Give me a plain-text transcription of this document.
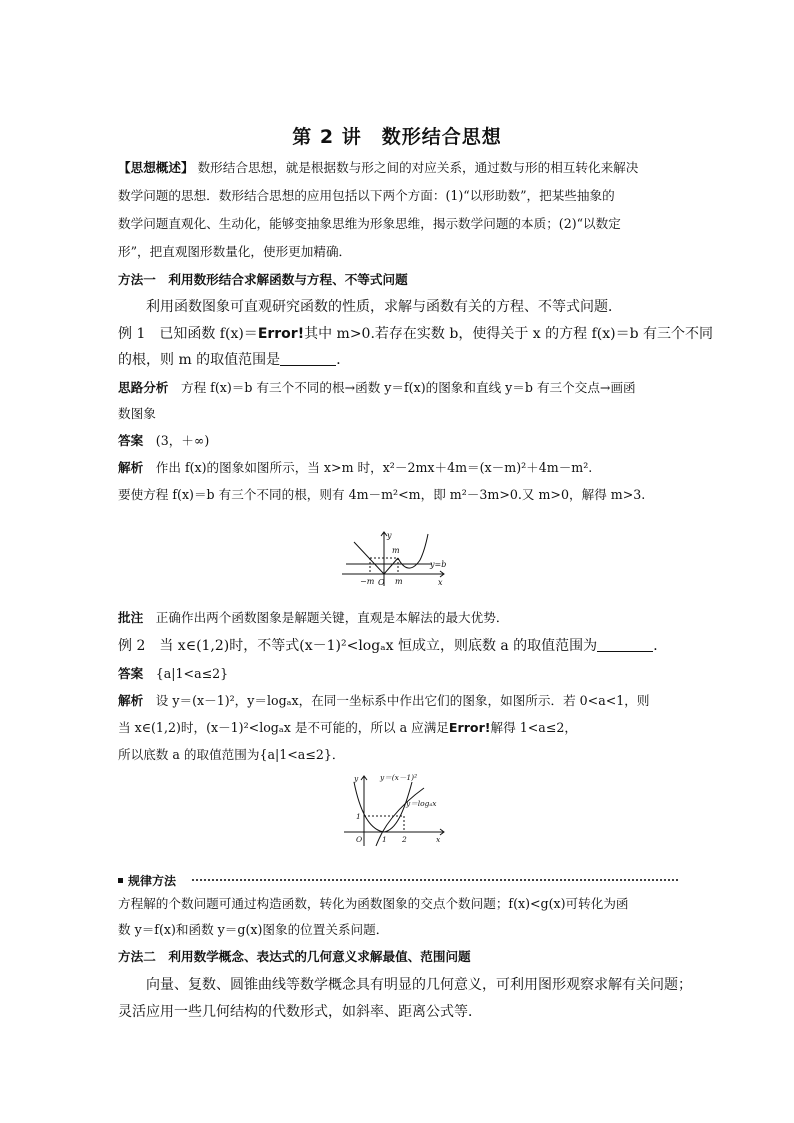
第 2 讲　数形结合思想
【思想概述】 数形结合思想，就是根据数与形之间的对应关系，通过数与形的相互转化来解决
数学问题的思想．数形结合思想的应用包括以下两个方面：(1)“以形助数”，把某些抽象的
数学问题直观化、生动化，能够变抽象思维为形象思维，揭示数学问题的本质；(2)“以数定
形”，把直观图形数量化，使形更加精确．
方法一　利用数形结合求解函数与方程、不等式问题
利用函数图象可直观研究函数的性质，求解与函数有关的方程、不等式问题．
例 1  已知函数 f(x)＝Error!其中 m>0.若存在实数 b，使得关于 x 的方程 f(x)＝b 有三个不同
的根，则 m 的取值范围是	．
思路分析  方程 f(x)＝b 有三个不同的根→函数 y＝f(x)的图象和直线 y＝b 有三个交点→画函
数图象
答案  (3，＋∞)
解析  作出 f(x)的图象如图所示，当 x>m 时，x²－2mx＋4m＝(x－m)²＋4m－m².
要使方程 f(x)＝b 有三个不同的根，则有 4m－m²<m，即 m²－3m>0.又 m>0，解得 m>3.
m
y=b
−m O m	x
y
批注  正确作出两个函数图象是解题关键，直观是本解法的最大优势．
例 2  当 x∈(1,2)时，不等式(x－1)²<logₐx 恒成立，则底数 a 的取值范围为	．
答案  {a|1<a≤2}
解析  设 y＝(x－1)²，y＝logₐx，在同一坐标系中作出它们的图象，如图所示．若 0<a<1，则
当 x∈(1,2)时，(x－1)²<logₐx 是不可能的，所以 a 应满足Error!解得 1<a≤2，
所以底数 a 的取值范围为{a|1<a≤2}．
y＝(x－1)²
y＝logₐx
y
1
O	1 2	x
规律方法
方程解的个数问题可通过构造函数，转化为函数图象的交点个数问题；f(x)<g(x)可转化为函
数 y＝f(x)和函数 y＝g(x)图象的位置关系问题．
方法二　利用数学概念、表达式的几何意义求解最值、范围问题
向量、复数、圆锥曲线等数学概念具有明显的几何意义，可利用图形观察求解有关问题；
灵活应用一些几何结构的代数形式，如斜率、距离公式等．
